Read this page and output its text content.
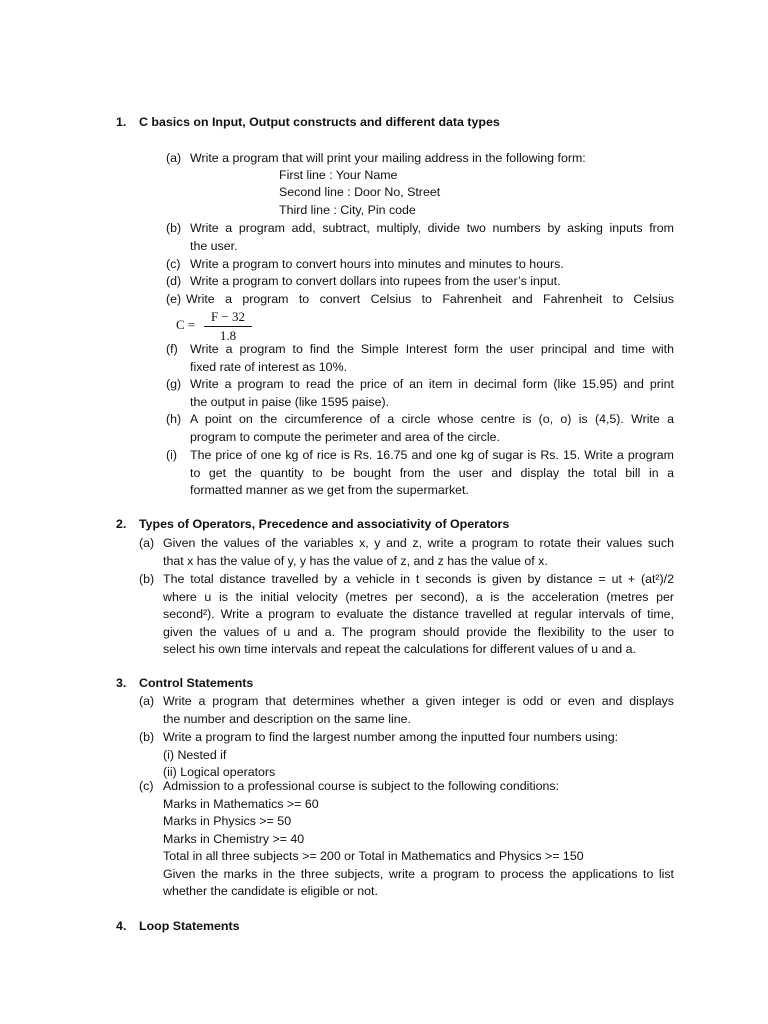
1. C basics on Input, Output constructs and different data types
(a) Write a program that will print your mailing address in the following form:
First line : Your Name
Second line : Door No, Street
Third line : City, Pin code
(b) Write a program add, subtract, multiply, divide two numbers by asking inputs from
the user.
(c) Write a program to convert hours into minutes and minutes to hours.
(d) Write a program to convert dollars into rupees from the user’s input.
(e) Write a program to convert Celsius to Fahrenheit and Fahrenheit to Celsius
$C = \frac{F - 32}{1.8}$
(f) Write a program to find the Simple Interest form the user principal and time with
fixed rate of interest as 10%.
(g) Write a program to read the price of an item in decimal form (like 15.95) and print
the output in paise (like 1595 paise).
(h) A point on the circumference of a circle whose centre is (o, o) is (4,5). Write a
program to compute the perimeter and area of the circle.
(i) The price of one kg of rice is Rs. 16.75 and one kg of sugar is Rs. 15. Write a program
to get the quantity to be bought from the user and display the total bill in a
formatted manner as we get from the supermarket.
2. Types of Operators, Precedence and associativity of Operators
(a) Given the values of the variables x, y and z, write a program to rotate their values such
that x has the value of y, y has the value of z, and z has the value of x.
(b) The total distance travelled by a vehicle in t seconds is given by distance = ut + (at²)/2
where u is the initial velocity (metres per second), a is the acceleration (metres per
second²). Write a program to evaluate the distance travelled at regular intervals of time,
given the values of u and a. The program should provide the flexibility to the user to
select his own time intervals and repeat the calculations for different values of u and a.
3. Control Statements
(a) Write a program that determines whether a given integer is odd or even and displays
the number and description on the same line.
(b) Write a program to find the largest number among the inputted four numbers using:
(i) Nested if
(ii) Logical operators
(c) Admission to a professional course is subject to the following conditions:
Marks in Mathematics >= 60
Marks in Physics >= 50
Marks in Chemistry >= 40
Total in all three subjects >= 200 or Total in Mathematics and Physics >= 150
Given the marks in the three subjects, write a program to process the applications to list
whether the candidate is eligible or not.
4. Loop Statements
